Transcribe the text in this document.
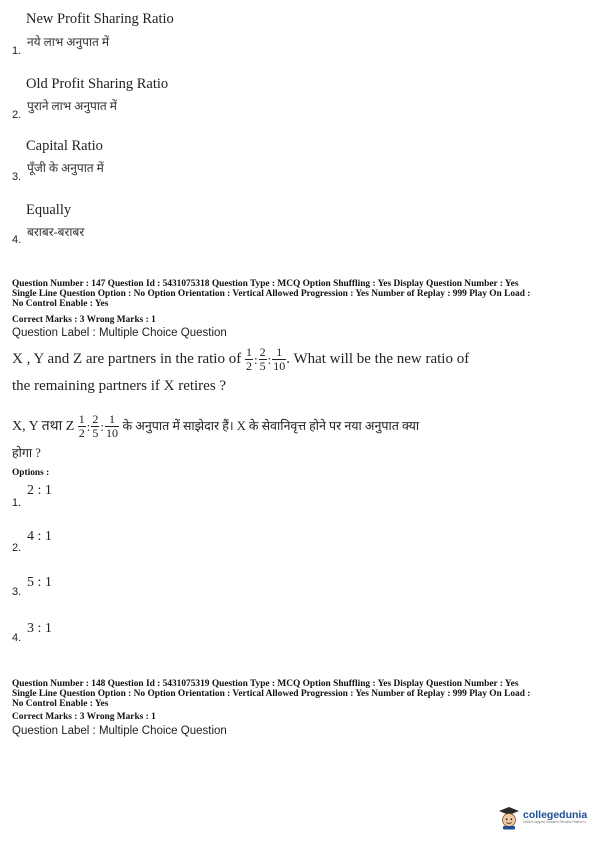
New Profit Sharing Ratio
नये लाभ अनुपात में
1.
Old Profit Sharing Ratio
पुराने लाभ अनुपात में
2.
Capital Ratio
पूँजी के अनुपात में
3.
Equally
बराबर-बराबर
4.
Question Number : 147 Question Id : 5431075318 Question Type : MCQ Option Shuffling : Yes Display Question Number : Yes
Single Line Question Option : No Option Orientation : Vertical Allowed Progression : Yes Number of Replay : 999 Play On Load :
No Control Enable : Yes
Correct Marks : 3 Wrong Marks : 1
Question Label : Multiple Choice Question
X , Y and Z are partners in the ratio of $\frac{1}{2}$ : $\frac{2}{5}$ : $\frac{1}{10}$ . What will be the new ratio of
the remaining partners if X retires ?
X, Y तथा Z $\frac{1}{2}$ : $\frac{2}{5}$ : $\frac{1}{10}$ के अनुपात में साझेदार हैं। X के सेवानिवृत्त होने पर नया अनुपात क्या
होगा ?
Options :
2 : 1
1.
4 : 1
2.
5 : 1
3.
3 : 1
4.
Question Number : 148 Question Id : 5431075319 Question Type : MCQ Option Shuffling : Yes Display Question Number : Yes
Single Line Question Option : No Option Orientation : Vertical Allowed Progression : Yes Number of Replay : 999 Play On Load :
No Control Enable : Yes
Correct Marks : 3 Wrong Marks : 1
Question Label : Multiple Choice Question
collegedunia
India's largest Student Review Platform
